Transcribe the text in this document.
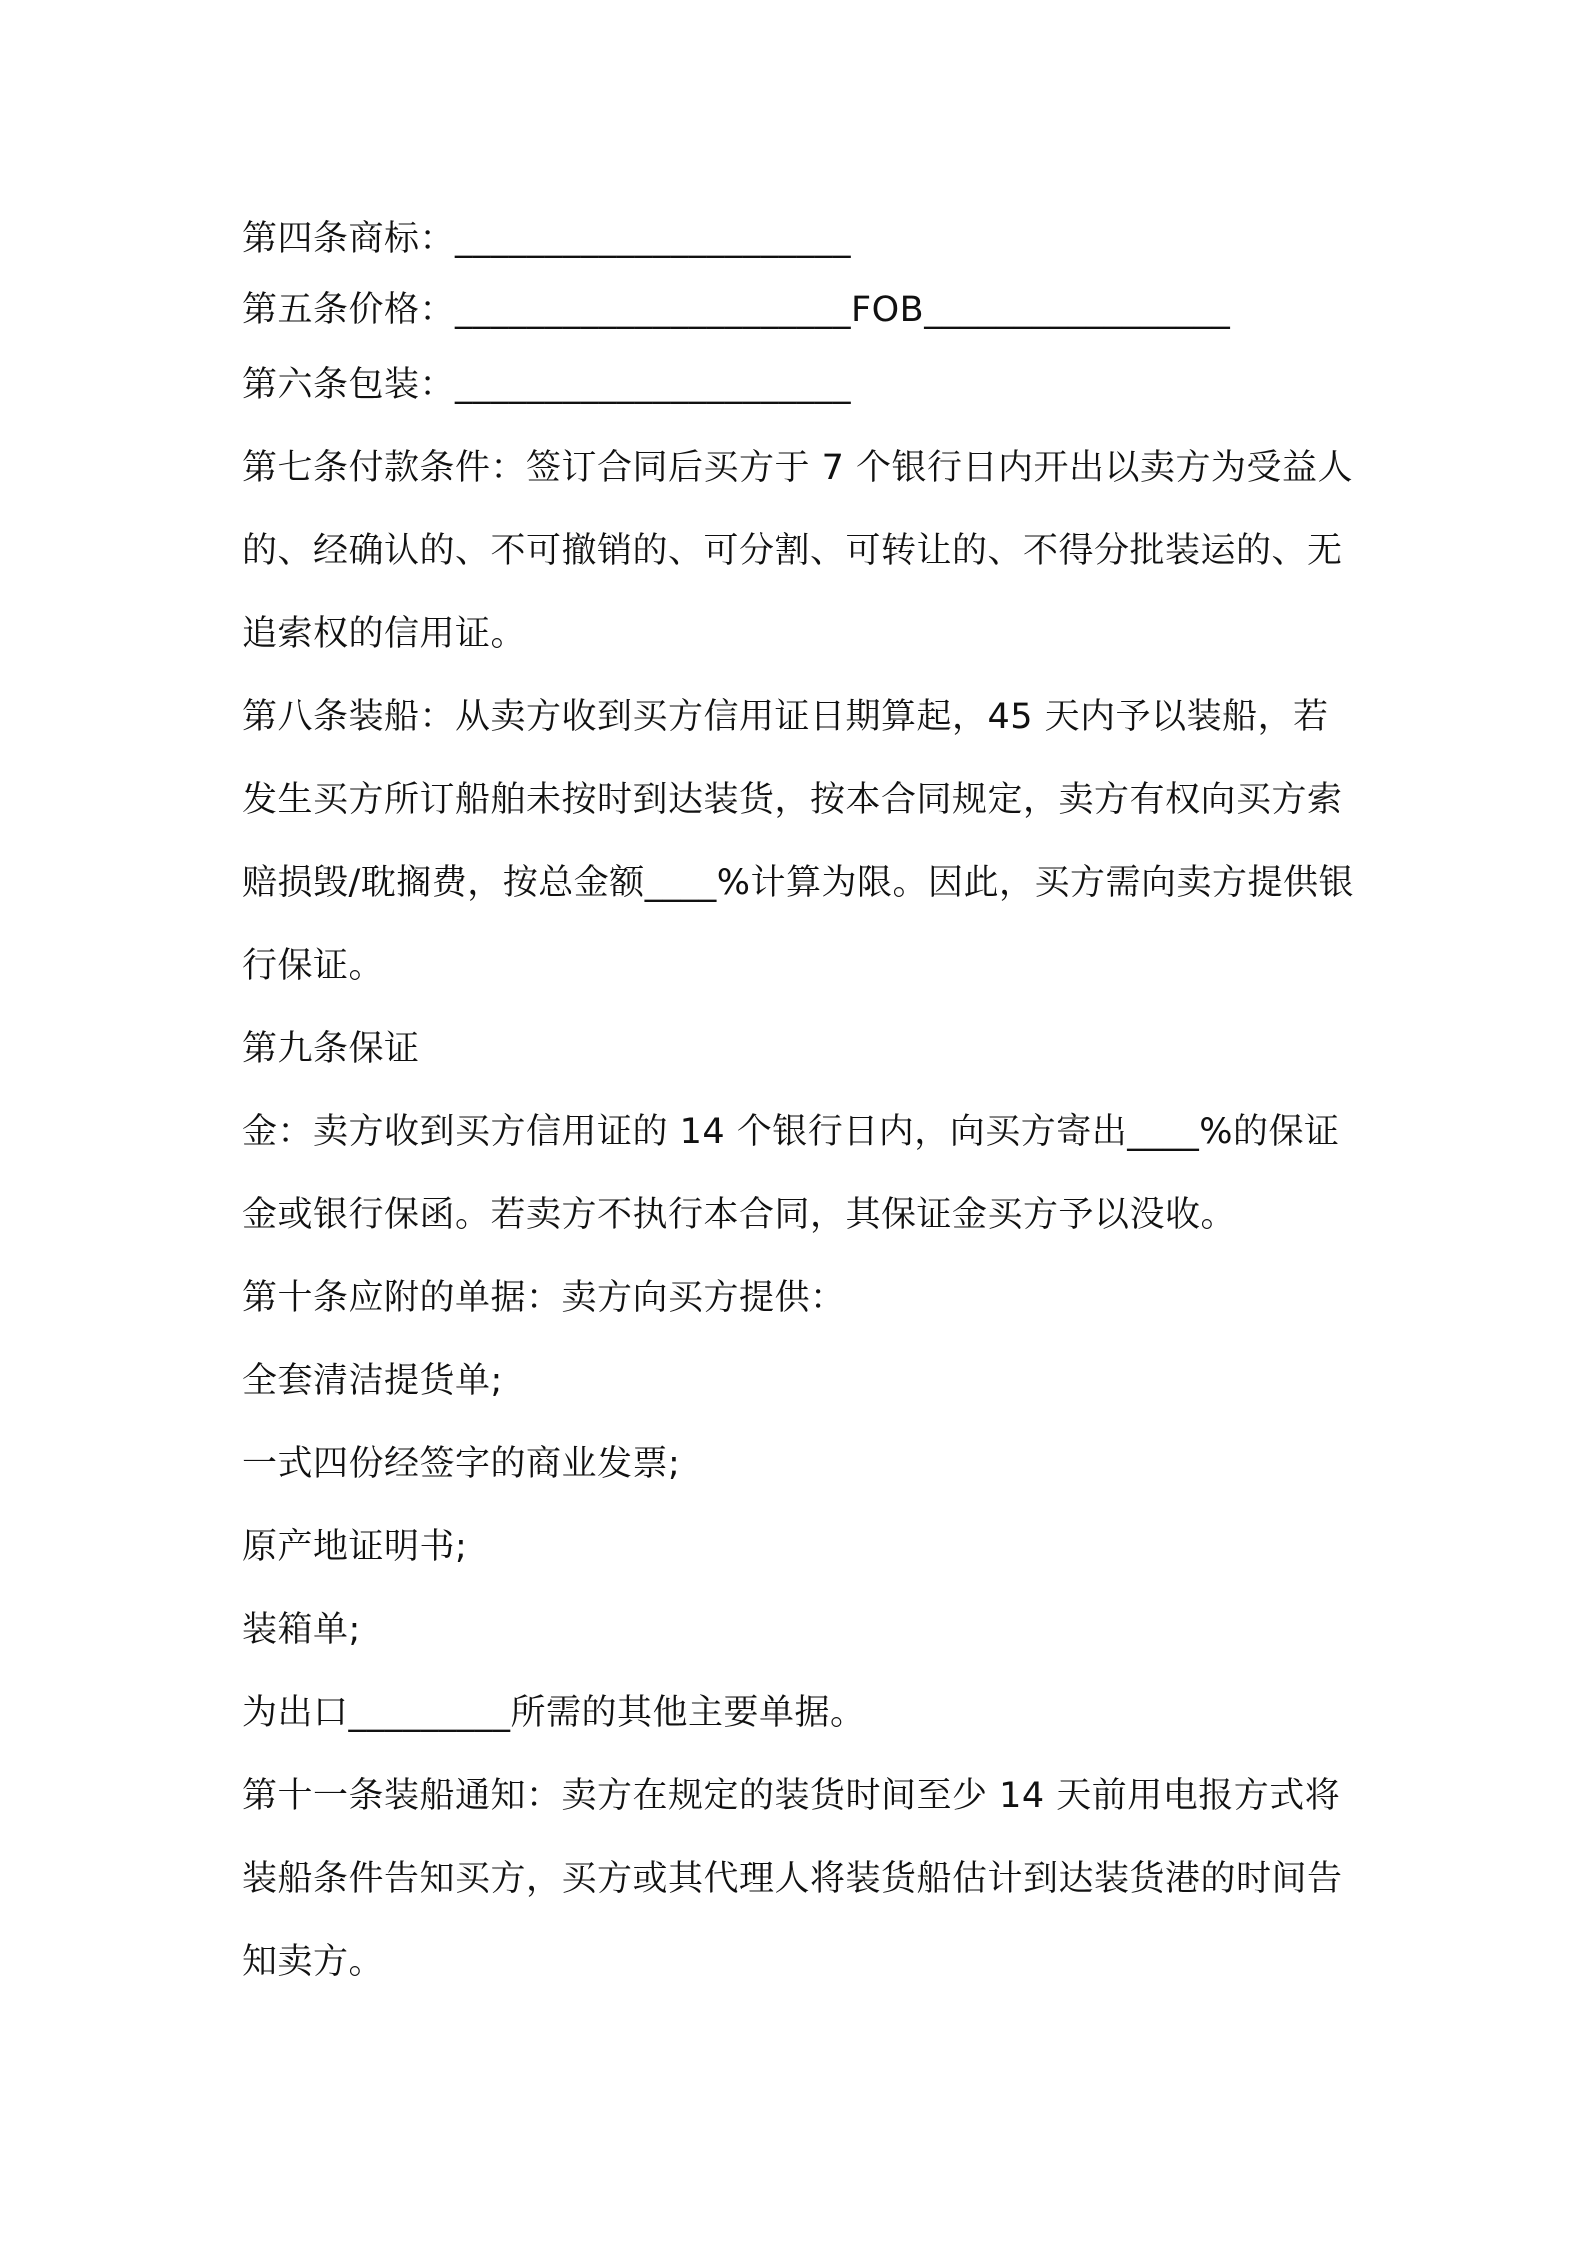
第四条商标：______________________

第五条价格：______________________FOB_________________

第六条包装：______________________

第七条付款条件：签订合同后买方于 7 个银行日内开出以卖方为受益人的、经确认的、不可撤销的、可分割、可转让的、不得分批装运的、无追索权的信用证。

第八条装船：从卖方收到买方信用证日期算起，45 天内予以装船，若发生买方所订船舶未按时到达装货，按本合同规定，卖方有权向买方索赔损毁/耽搁费，按总金额____%计算为限。因此，买方需向卖方提供银行保证。

第九条保证

金：卖方收到买方信用证的 14 个银行日内，向买方寄出____%的保证金或银行保函。若卖方不执行本合同，其保证金买方予以没收。

第十条应附的单据：卖方向买方提供：

全套清洁提货单;

一式四份经签字的商业发票;

原产地证明书;

装箱单;

为出口_________所需的其他主要单据。

第十一条装船通知：卖方在规定的装货时间至少 14 天前用电报方式将装船条件告知买方，买方或其代理人将装货船估计到达装货港的时间告知卖方。
